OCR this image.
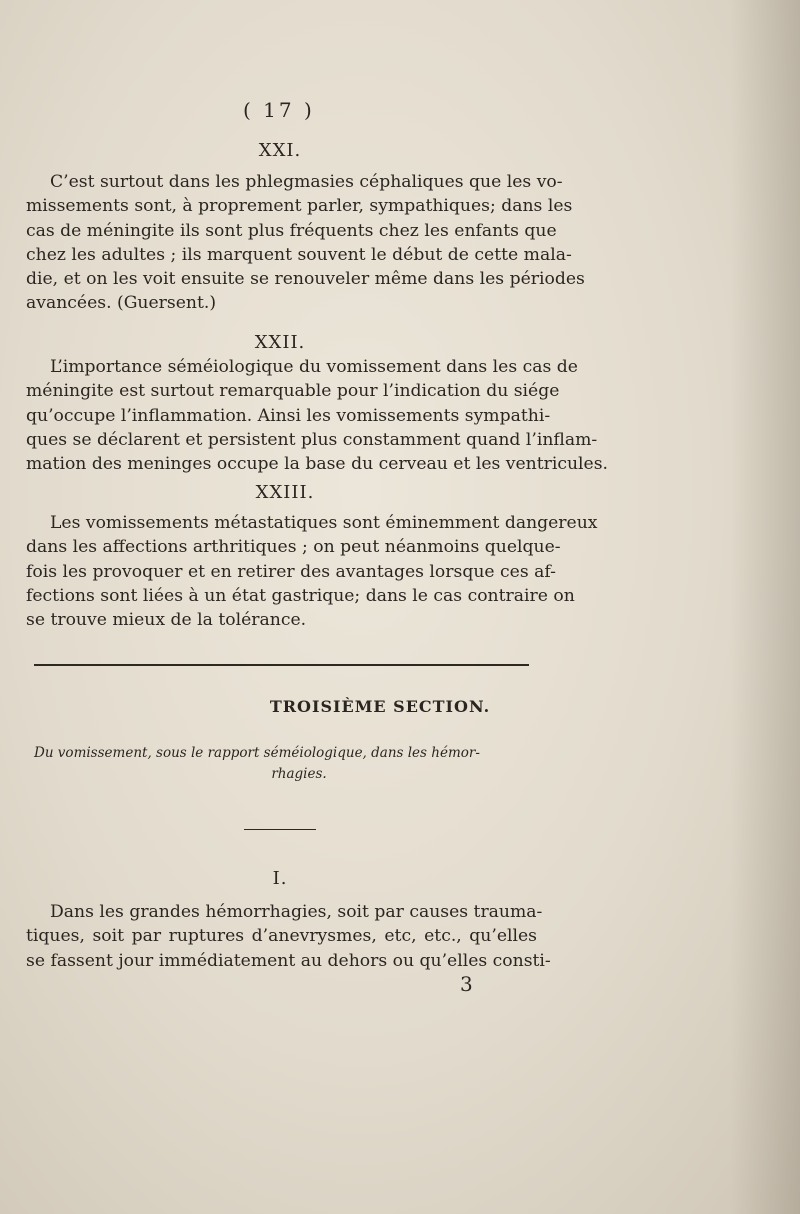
( 17 )
XXI.

C’est surtout dans les phlegmasies céphaliques que les vo-
missements sont, à proprement parler, sympathiques; dans les
cas de méningite ils sont plus fréquents chez les enfants que
chez les adultes ; ils marquent souvent le début de cette mala-
die, et on les voit ensuite se renouveler même dans les périodes
avancées. (Guersent.)

XXII.

L’importance séméiologique du vomissement dans les cas de
méningite est surtout remarquable pour l’indication du siége
qu’occupe l’inflammation. Ainsi les vomissements sympathi-
ques se déclarent et persistent plus constamment quand l’inflam-
mation des meninges occupe la base du cerveau et les ventricules.

XXIII.

Les vomissements métastatiques sont éminemment dangereux
dans les affections arthritiques ; on peut néanmoins quelque-
fois les provoquer et en retirer des avantages lorsque ces af-
fections sont liées à un état gastrique; dans le cas contraire on
se trouve mieux de la tolérance.

TROISIÈME SECTION.
Du vomissement, sous le rapport séméiologique, dans les hémor-
rhagies.
I.

Dans les grandes hémorrhagies, soit par causes trauma-
tiques, soit par ruptures d’anevrysmes, etc, etc., qu’elles
se fassent jour immédiatement au dehors ou qu’elles consti-

3
